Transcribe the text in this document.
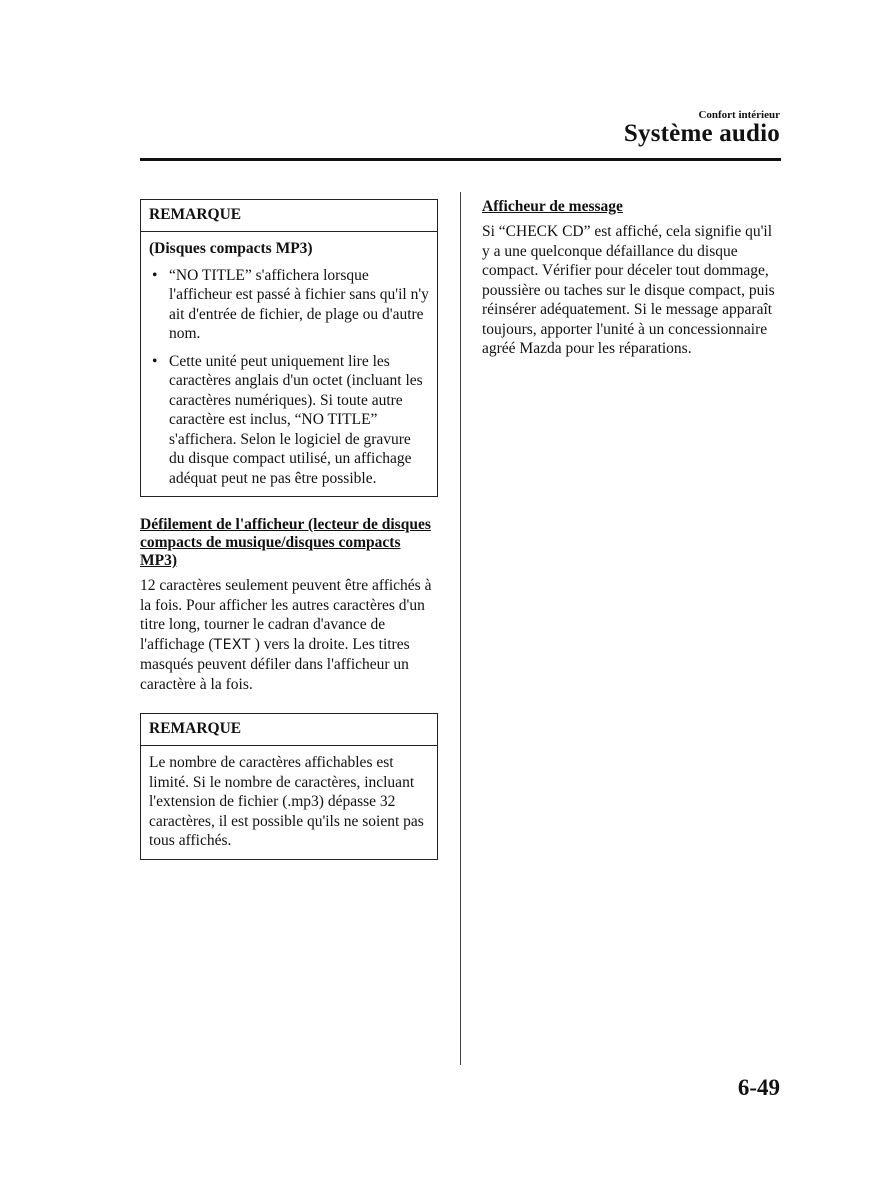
Confort intérieur
Système audio
REMARQUE
(Disques compacts MP3)
• “NO TITLE” s'affichera lorsque l'afficheur est passé à fichier sans qu'il n'y ait d'entrée de fichier, de plage ou d'autre nom.
• Cette unité peut uniquement lire les caractères anglais d'un octet (incluant les caractères numériques). Si toute autre caractère est inclus, “NO TITLE” s'affichera. Selon le logiciel de gravure du disque compact utilisé, un affichage adéquat peut ne pas être possible.
Défilement de l'afficheur (lecteur de disques compacts de musique/disques compacts MP3)

12 caractères seulement peuvent être affichés à la fois. Pour afficher les autres caractères d'un titre long, tourner le cadran d'avance de l'affichage (TEXT ) vers la droite. Les titres masqués peuvent défiler dans l'afficheur un caractère à la fois.

REMARQUE
Le nombre de caractères affichables est limité. Si le nombre de caractères, incluant l'extension de fichier (.mp3) dépasse 32 caractères, il est possible qu'ils ne soient pas tous affichés.
Afficheur de message

Si “CHECK CD” est affiché, cela signifie qu'il y a une quelconque défaillance du disque compact. Vérifier pour déceler tout dommage, poussière ou taches sur le disque compact, puis réinsérer adéquatement. Si le message apparaît toujours, apporter l'unité à un concessionnaire agréé Mazda pour les réparations.

6-49
